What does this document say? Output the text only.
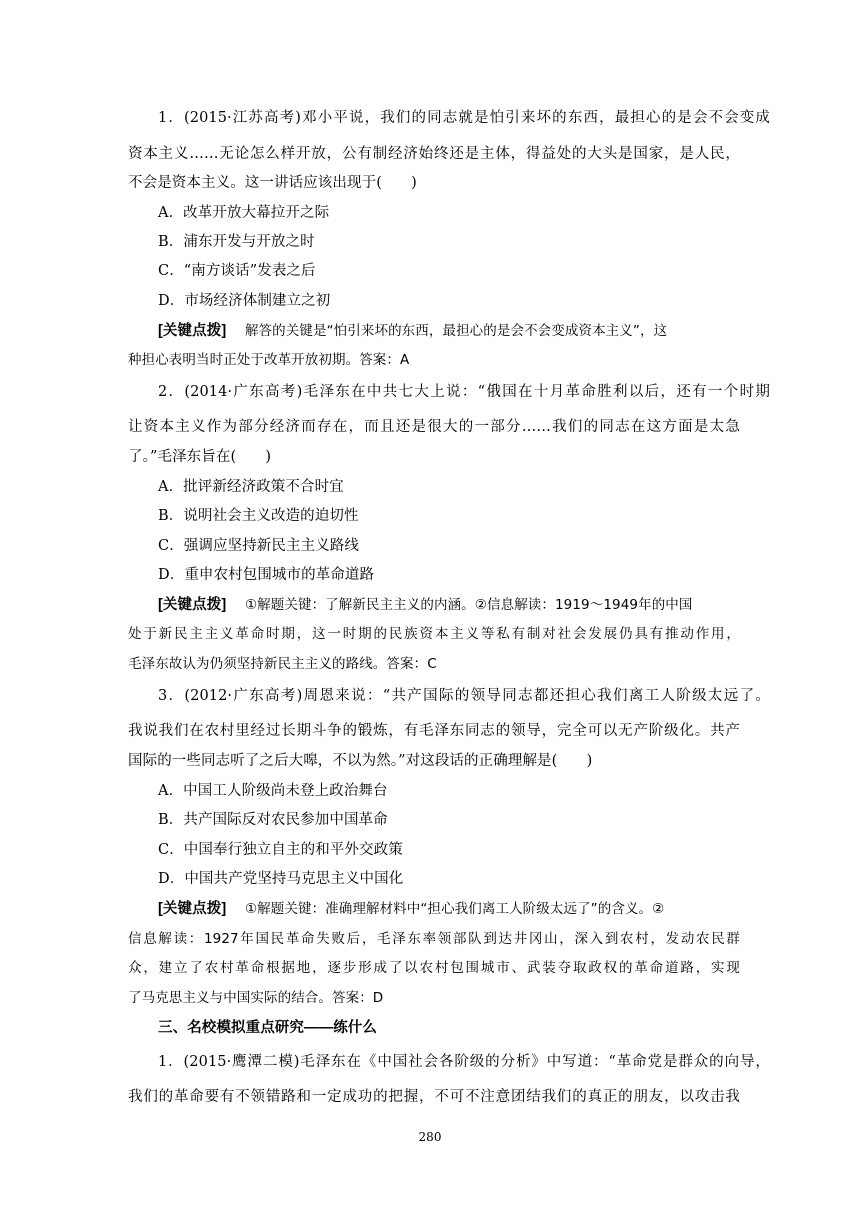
1．(2015·江苏高考)邓小平说，我们的同志就是怕引来坏的东西，最担心的是会不会变成
资本主义……无论怎么样开放，公有制经济始终还是主体，得益处的大头是国家，是人民，
不会是资本主义。这一讲话应该出现于(　　)
A．改革开放大幕拉开之际
B．浦东开发与开放之时
C．“南方谈话”发表之后
D．市场经济体制建立之初
[关键点拨] 解答的关键是“怕引来坏的东西，最担心的是会不会变成资本主义”，这
种担心表明当时正处于改革开放初期。答案：A
2．(2014·广东高考)毛泽东在中共七大上说：“俄国在十月革命胜利以后，还有一个时期
让资本主义作为部分经济而存在，而且还是很大的一部分……我们的同志在这方面是太急
了。”毛泽东旨在(　　)
A．批评新经济政策不合时宜
B．说明社会主义改造的迫切性
C．强调应坚持新民主主义路线
D．重申农村包围城市的革命道路
[关键点拨] ①解题关键：了解新民主主义的内涵。②信息解读：1919～1949年的中国
处于新民主主义革命时期，这一时期的民族资本主义等私有制对社会发展仍具有推动作用，
毛泽东故认为仍须坚持新民主主义的路线。答案：C
3．(2012·广东高考)周恩来说：“共产国际的领导同志都还担心我们离工人阶级太远了。
我说我们在农村里经过长期斗争的锻炼，有毛泽东同志的领导，完全可以无产阶级化。共产
国际的一些同志听了之后大嗥，不以为然。”对这段话的正确理解是(　　)
A．中国工人阶级尚未登上政治舞台
B．共产国际反对农民参加中国革命
C．中国奉行独立自主的和平外交政策
D．中国共产党坚持马克思主义中国化
[关键点拨] ①解题关键：准确理解材料中“担心我们离工人阶级太远了”的含义。②
信息解读：1927年国民革命失败后，毛泽东率领部队到达井冈山，深入到农村，发动农民群
众，建立了农村革命根据地，逐步形成了以农村包围城市、武装夺取政权的革命道路，实现
了马克思主义与中国实际的结合。答案：D
三、名校模拟重点研究——练什么
1．(2015·鹰潭二模)毛泽东在《中国社会各阶级的分析》中写道：“革命党是群众的向导，
我们的革命要有不领错路和一定成功的把握，不可不注意团结我们的真正的朋友，以攻击我
280
